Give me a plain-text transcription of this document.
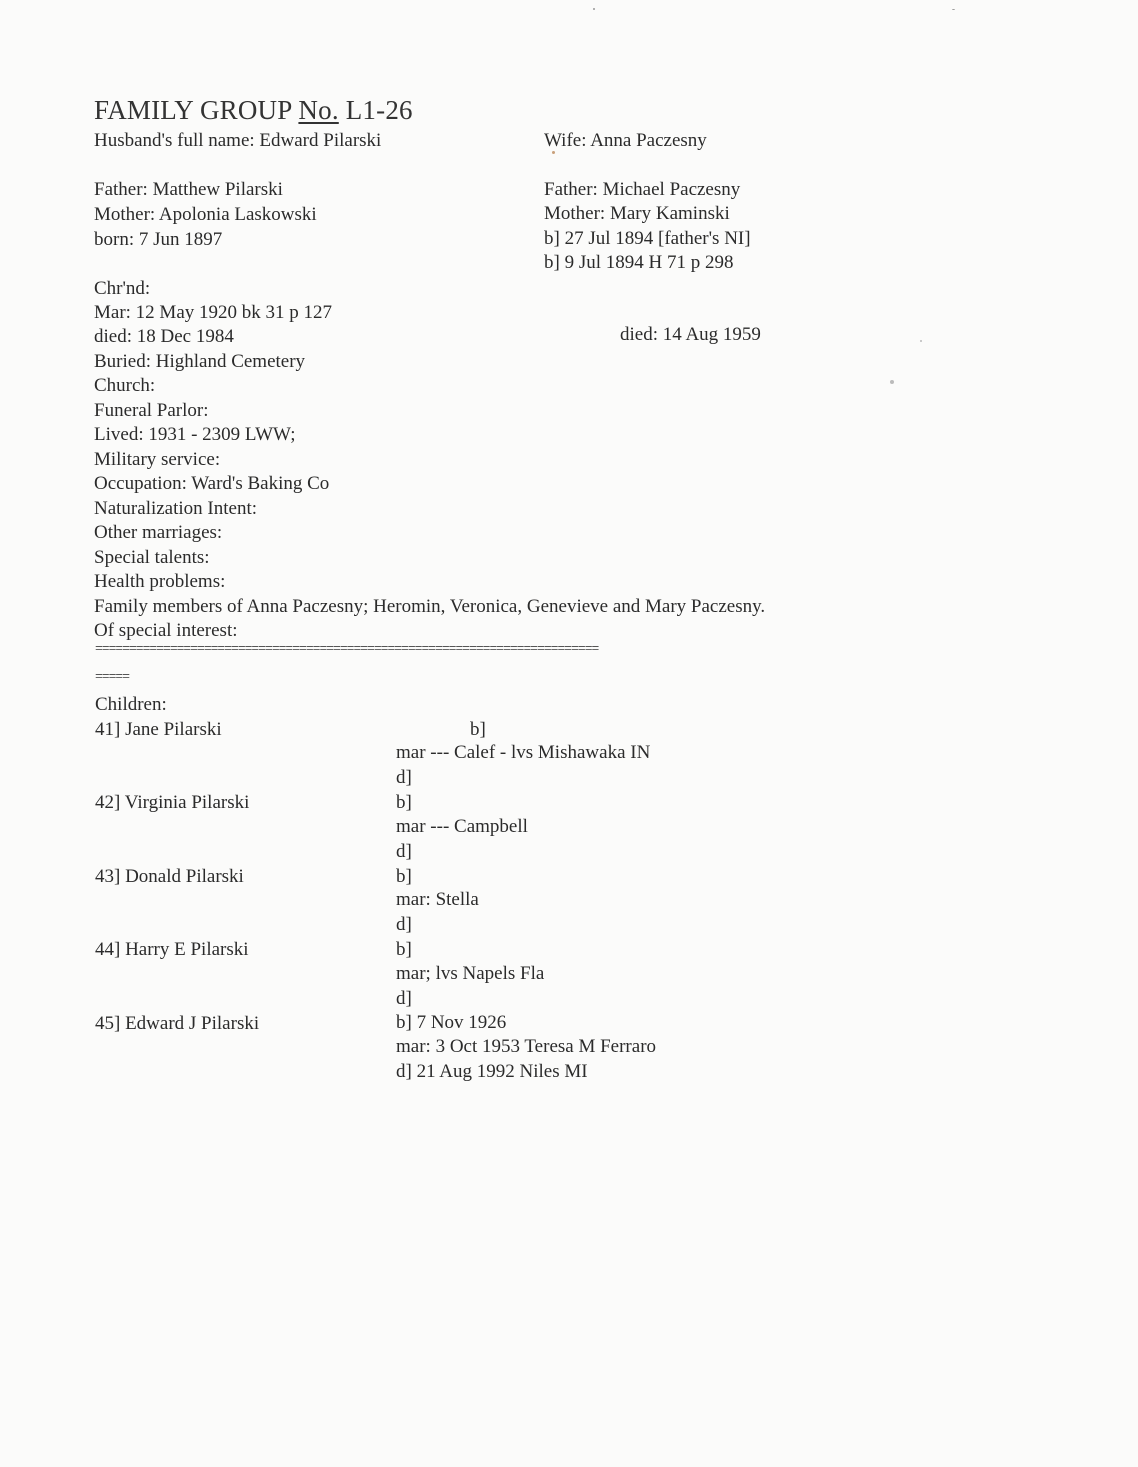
FAMILY GROUP No. L1-26
Husband's full name: Edward Pilarski
Father: Matthew Pilarski
Mother: Apolonia Laskowski
born: 7 Jun 1897
Chr'nd:
Mar: 12 May 1920 bk 31 p 127
died: 18 Dec 1984
Buried: Highland Cemetery
Church:
Funeral Parlor:
Lived: 1931 - 2309 LWW;
Military service:
Occupation: Ward's Baking Co
Naturalization Intent:
Other marriages:
Special talents:
Health problems:
Family members of Anna Paczesny; Heromin, Veronica, Genevieve and Mary Paczesny.
Of special interest:
Wife: Anna Paczesny
Father: Michael Paczesny
Mother: Mary Kaminski
b] 27 Jul 1894 [father's NI]
b] 9 Jul 1894 H 71 p 298
died: 14 Aug 1959
==========================================================================
=====
Children:
41] Jane Pilarski	b]
mar --- Calef - lvs Mishawaka IN
d]
42] Virginia Pilarski	b]
mar --- Campbell
d]
43] Donald Pilarski	b]
mar: Stella
d]
44] Harry E Pilarski	b]
mar; lvs Napels Fla
d]
45] Edward J Pilarski	b] 7 Nov 1926
mar: 3 Oct 1953 Teresa M Ferraro
d] 21 Aug 1992 Niles MI
